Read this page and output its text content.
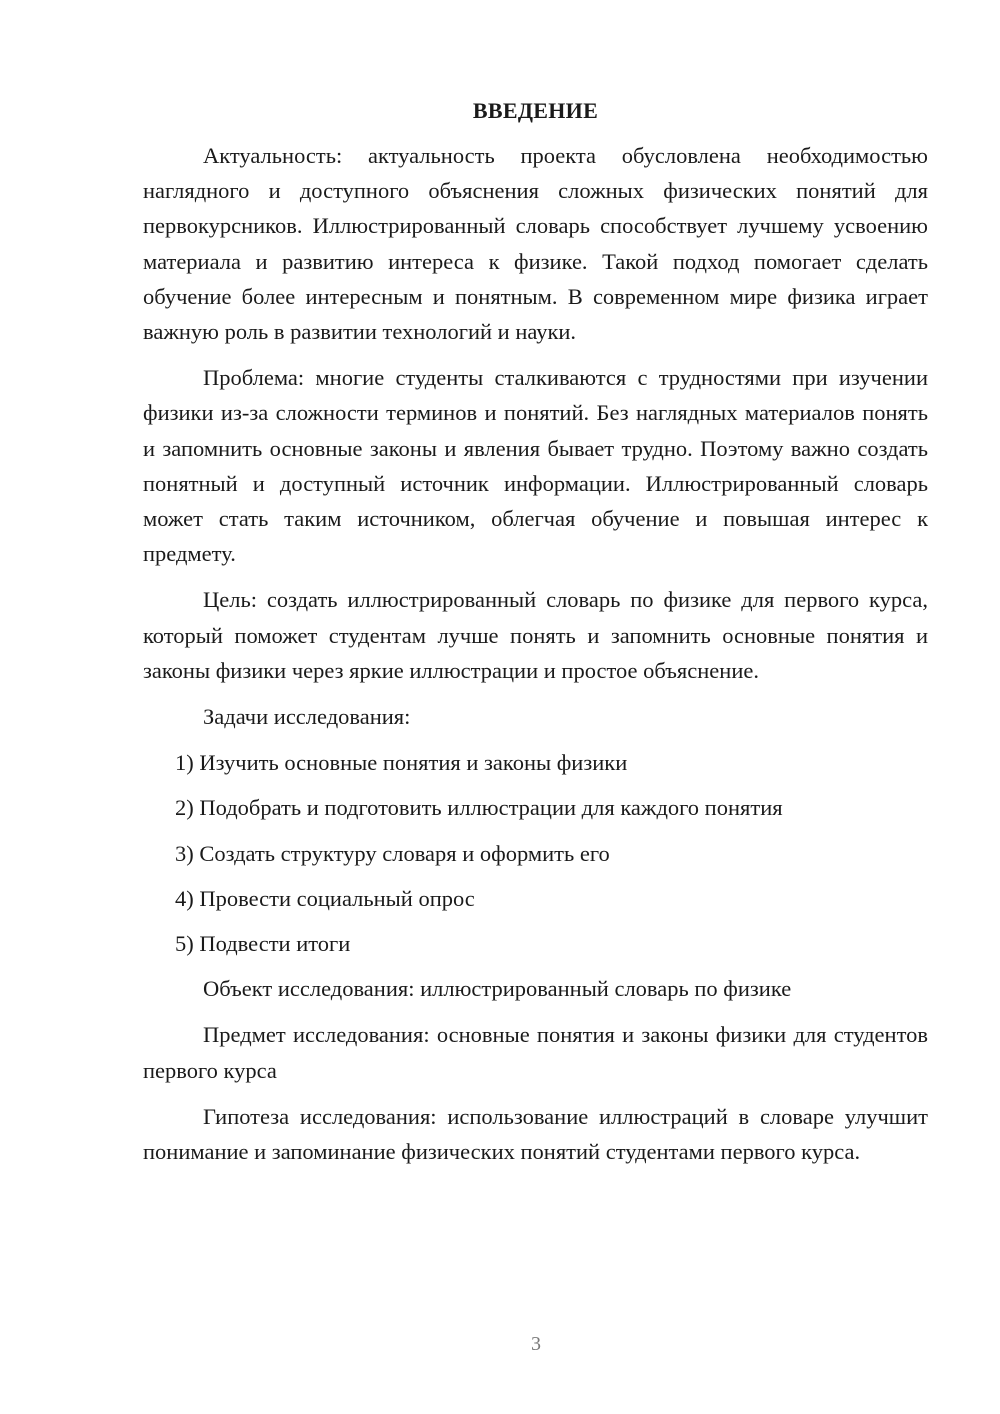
ВВЕДЕНИЕ

Актуальность: актуальность проекта обусловлена необходимостью наглядного и доступного объяснения сложных физических понятий для первокурсников. Иллюстрированный словарь способствует лучшему усвоению материала и развитию интереса к физике. Такой подход помогает сделать обучение более интересным и понятным. В современном мире физика играет важную роль в развитии технологий и науки.

Проблема: многие студенты сталкиваются с трудностями при изучении физики из-за сложности терминов и понятий. Без наглядных материалов понять и запомнить основные законы и явления бывает трудно. Поэтому важно создать понятный и доступный источник информации. Иллюстрированный словарь может стать таким источником, облегчая обучение и повышая интерес к предмету.

Цель: создать иллюстрированный словарь по физике для первого курса, который поможет студентам лучше понять и запомнить основные понятия и законы физики через яркие иллюстрации и простое объяснение.

Задачи исследования:

1) Изучить основные понятия и законы физики
2) Подобрать и подготовить иллюстрации для каждого понятия
3) Создать структуру словаря и оформить его
4) Провести социальный опрос
5) Подвести итоги

Объект исследования: иллюстрированный словарь по физике

Предмет исследования: основные понятия и законы физики для студентов первого курса

Гипотеза исследования: использование иллюстраций в словаре улучшит понимание и запоминание физических понятий студентами первого курса.

3
